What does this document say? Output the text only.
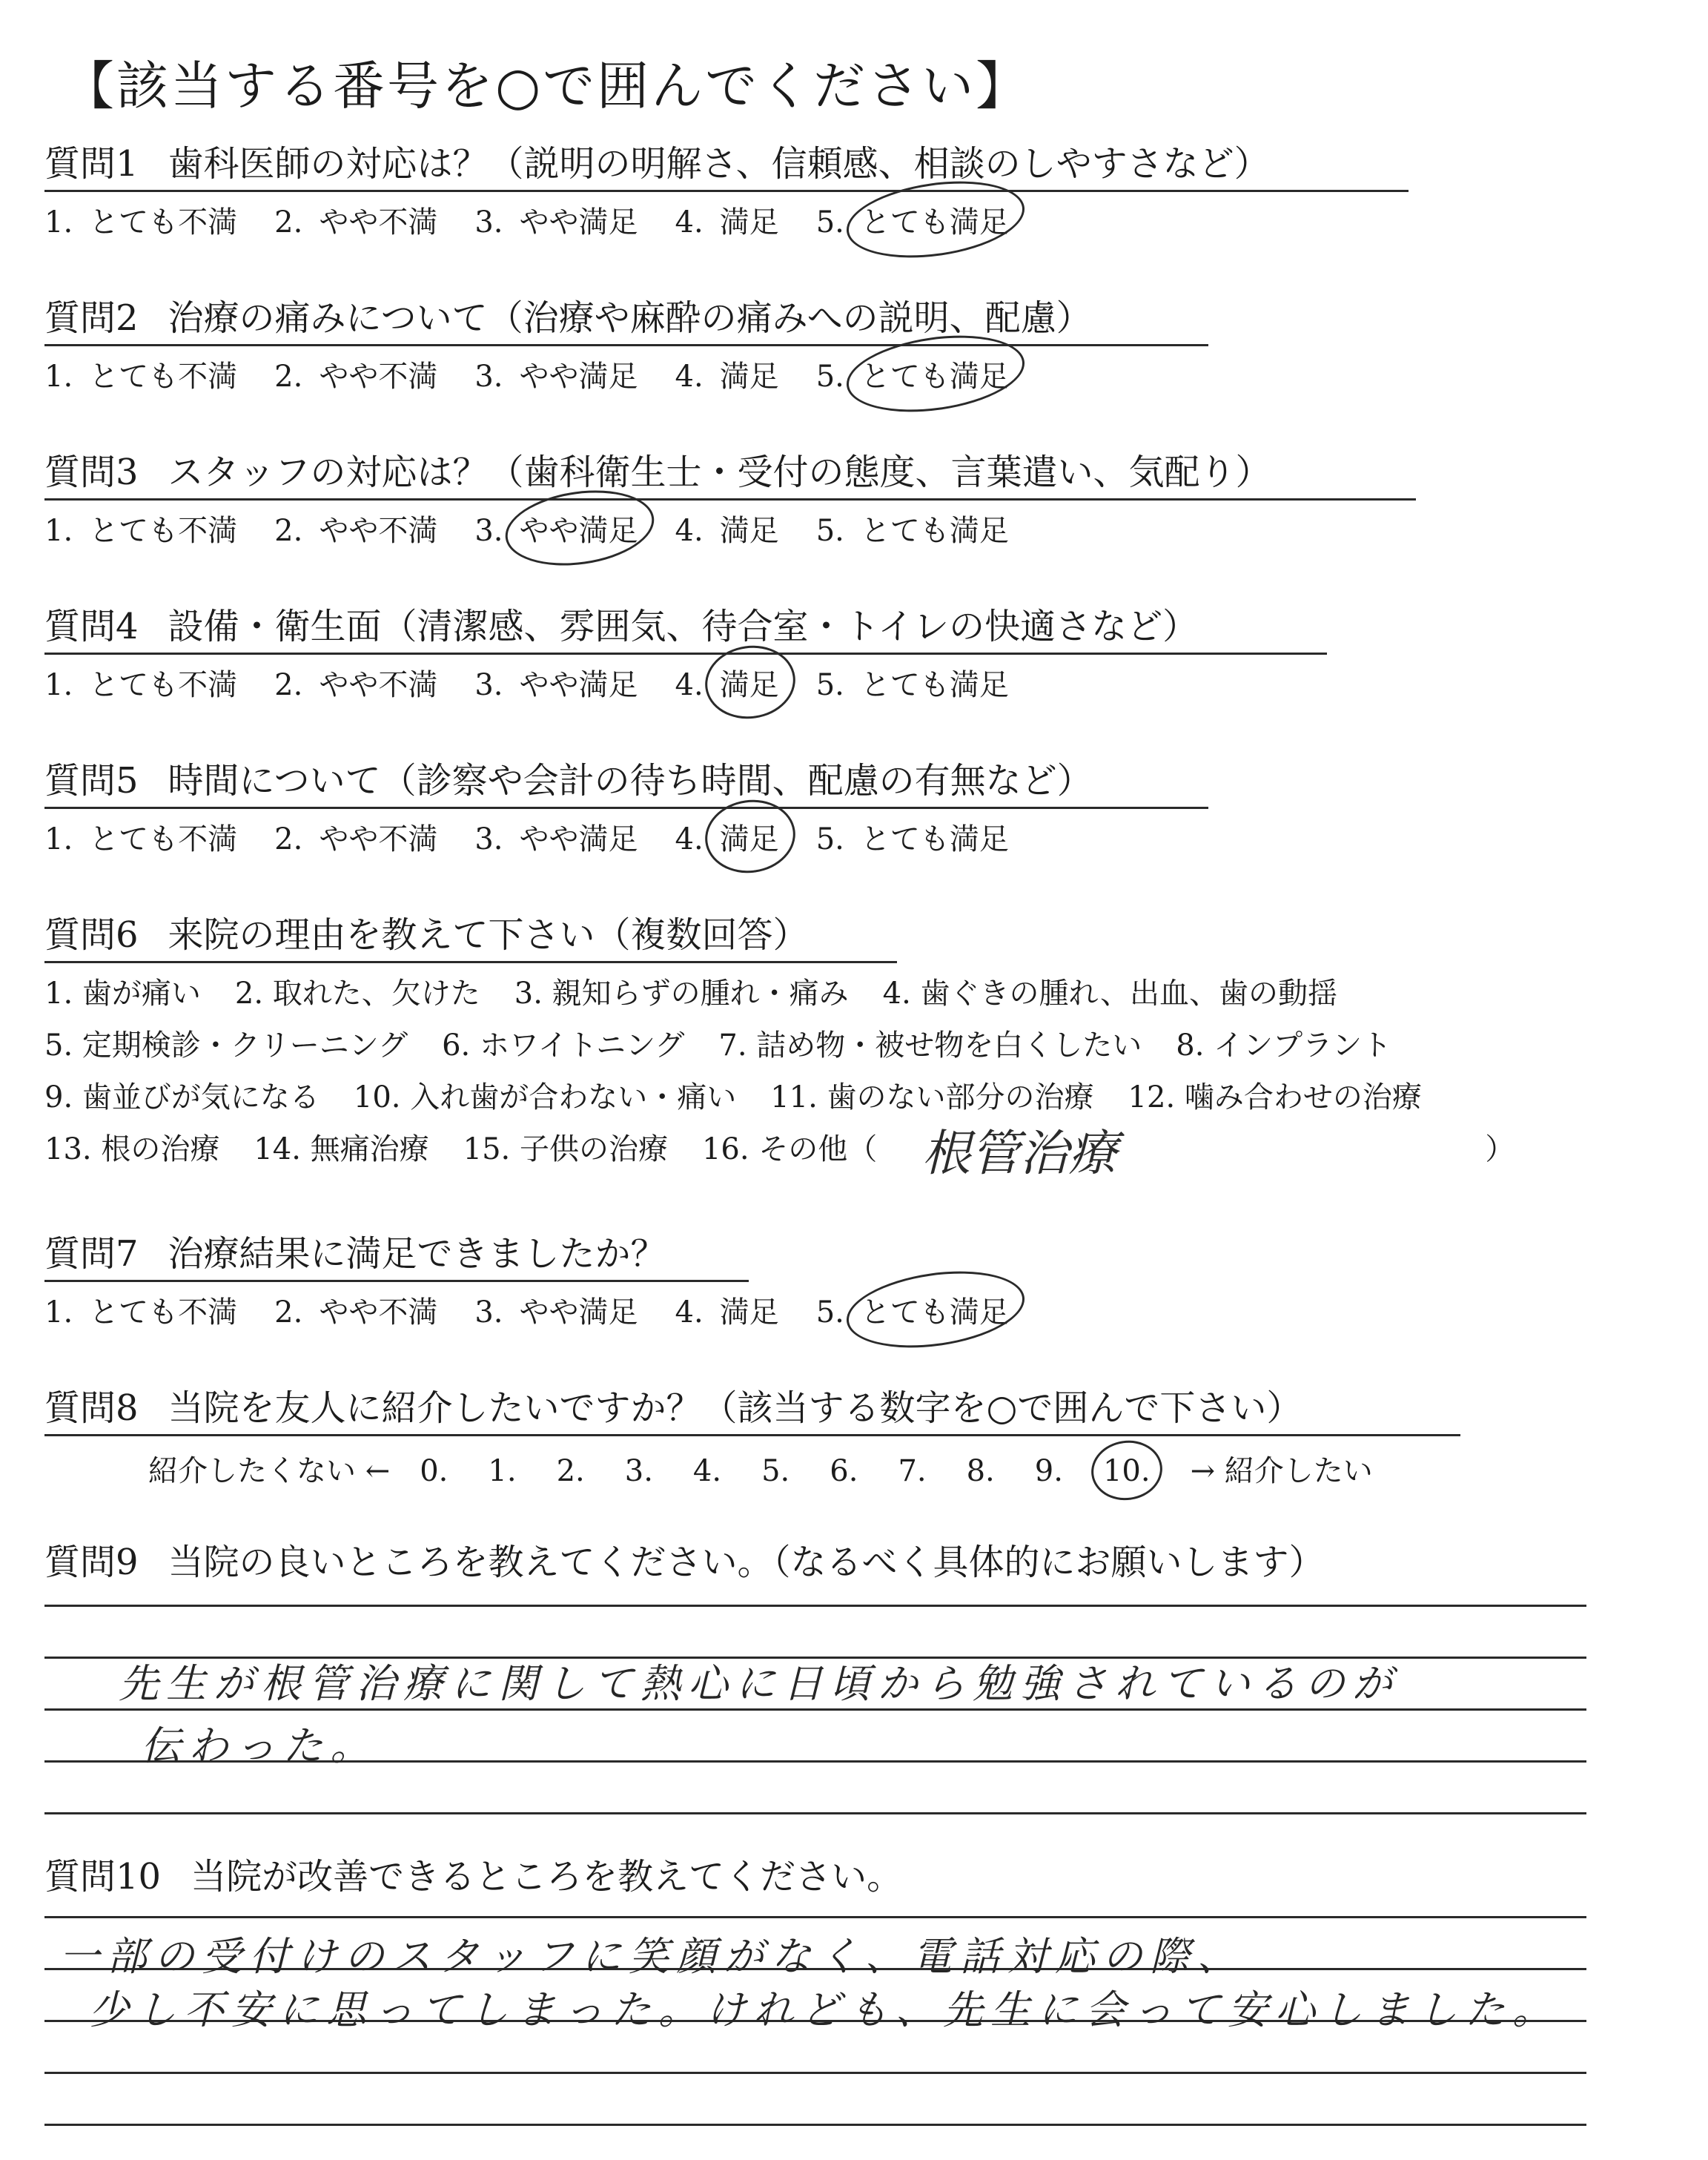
【該当する番号を○で囲んでください】
質問1 歯科医師の対応は？（説明の明解さ、信頼感、相談のしやすさなど）
1. とても不満 2. やや不満 3. やや満足 4. 満足 5. とても満足
質問2 治療の痛みについて（治療や麻酔の痛みへの説明、配慮）
1. とても不満 2. やや不満 3. やや満足 4. 満足 5. とても満足
質問3 スタッフの対応は？（歯科衛生士・受付の態度、言葉遣い、気配り）
1. とても不満 2. やや不満 3. やや満足 4. 満足 5. とても満足
質問4 設備・衛生面（清潔感、雰囲気、待合室・トイレの快適さなど）
1. とても不満 2. やや不満 3. やや満足 4. 満足 5. とても満足
質問5 時間について（診察や会計の待ち時間、配慮の有無など）
1. とても不満 2. やや不満 3. やや満足 4. 満足 5. とても満足
質問6 来院の理由を教えて下さい（複数回答）
1. 歯が痛い 2. 取れた、欠けた 3. 親知らずの腫れ・痛み 4. 歯ぐきの腫れ、出血、歯の動揺
5. 定期検診・クリーニング 6. ホワイトニング 7. 詰め物・被せ物を白くしたい 8. インプラント
9. 歯並びが気になる 10. 入れ歯が合わない・痛い 11. 歯のない部分の治療 12. 噛み合わせの治療
13. 根の治療 14. 無痛治療 15. 子供の治療 16. その他（ 根管治療	）
質問7 治療結果に満足できましたか？
1. とても不満 2. やや不満 3. やや満足 4. 満足 5. とても満足
質問8 当院を友人に紹介したいですか？（該当する数字を○で囲んで下さい）
紹介したくない ← 0. 1. 2. 3. 4. 5. 6. 7. 8. 9. 10. → 紹介したい
質問9 当院の良いところを教えてください。（なるべく具体的にお願いします）
先生が根管治療に関して熱心に日頃から勉強されているのが
伝わった。
質問10 当院が改善できるところを教えてください。
一部の受付けのスタッフに笑顔がなく、電話対応の際、
少し不安に思ってしまった。けれども、先生に会って安心しました。
